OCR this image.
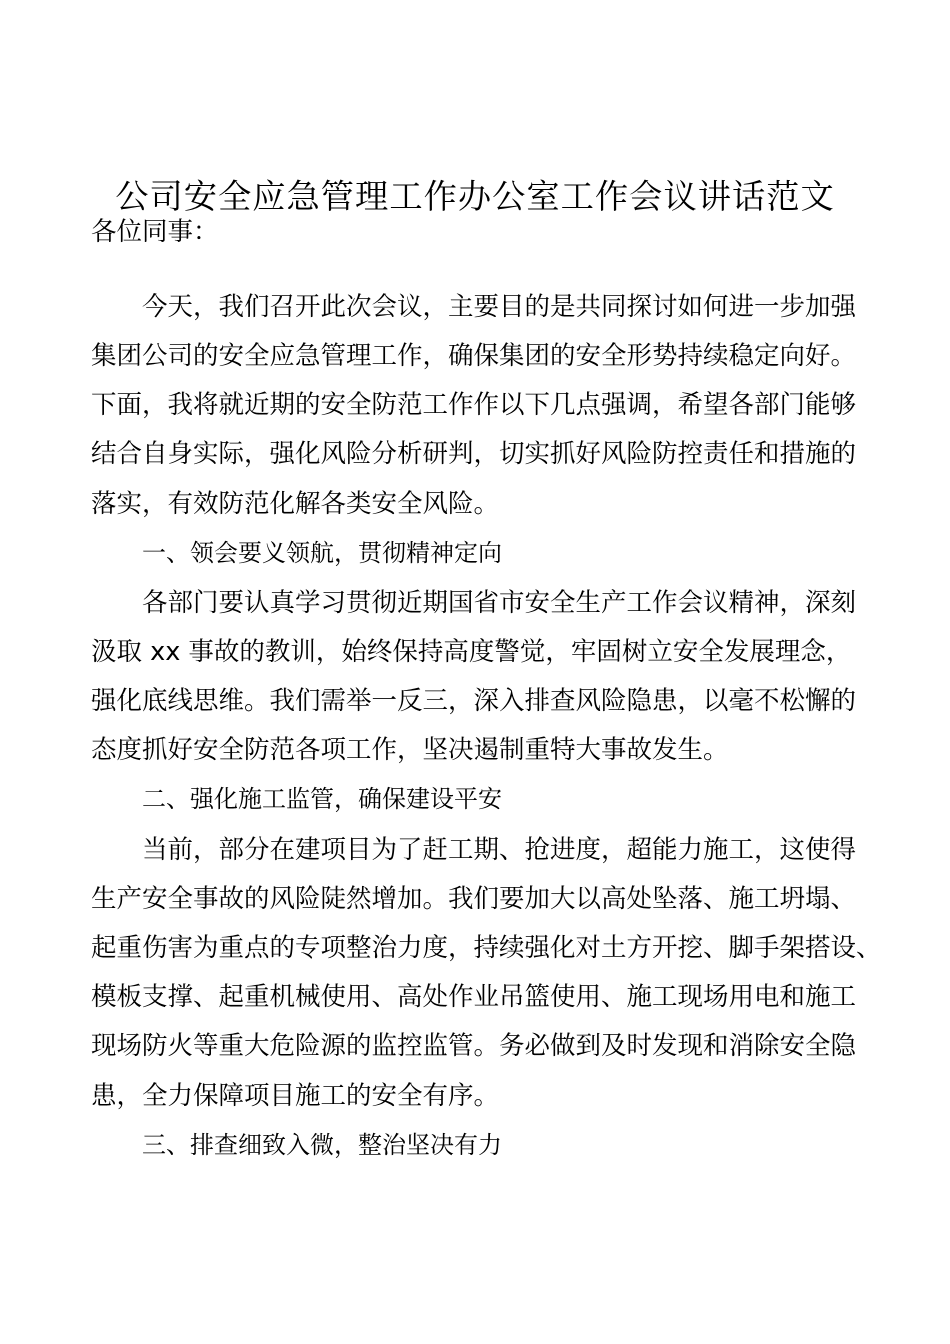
公司安全应急管理工作办公室工作会议讲话范文
各位同事：
今天，我们召开此次会议，主要目的是共同探讨如何进一步加强
集团公司的安全应急管理工作，确保集团的安全形势持续稳定向好。
下面，我将就近期的安全防范工作作以下几点强调，希望各部门能够
结合自身实际，强化风险分析研判，切实抓好风险防控责任和措施的
落实，有效防范化解各类安全风险。
一、领会要义领航，贯彻精神定向
各部门要认真学习贯彻近期国省市安全生产工作会议精神，深刻
汲取 xx 事故的教训，始终保持高度警觉，牢固树立安全发展理念，
强化底线思维。我们需举一反三，深入排查风险隐患，以毫不松懈的
态度抓好安全防范各项工作，坚决遏制重特大事故发生。
二、强化施工监管，确保建设平安
当前，部分在建项目为了赶工期、抢进度，超能力施工，这使得
生产安全事故的风险陡然增加。我们要加大以高处坠落、施工坍塌、
起重伤害为重点的专项整治力度，持续强化对土方开挖、脚手架搭设、
模板支撑、起重机械使用、高处作业吊篮使用、施工现场用电和施工
现场防火等重大危险源的监控监管。务必做到及时发现和消除安全隐
患，全力保障项目施工的安全有序。
三、排查细致入微，整治坚决有力
